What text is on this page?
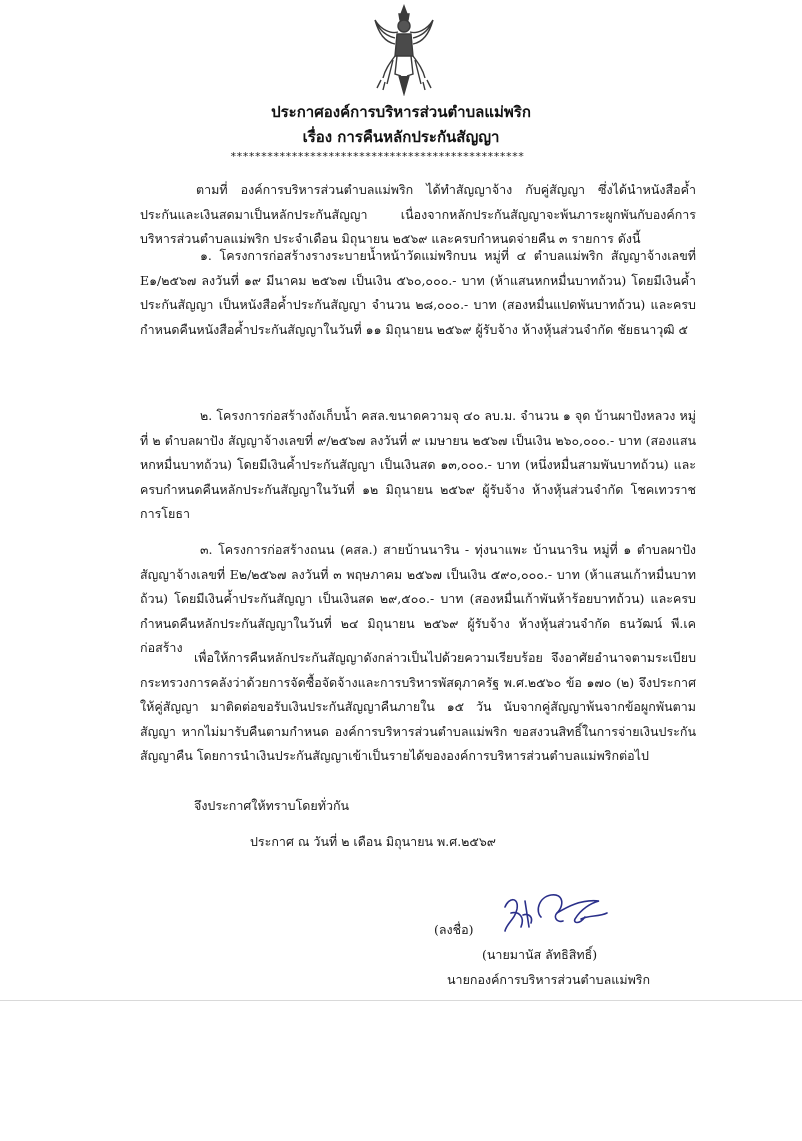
ประกาศองค์การบริหารส่วนตำบลแม่พริก
เรื่อง การคืนหลักประกันสัญญา
************************************************

ตามที่ องค์การบริหารส่วนตำบลแม่พริก ได้ทำสัญญาจ้าง กับคู่สัญญา ซึ่งได้นำหนังสือค้ำประกันและเงินสดมาเป็นหลักประกันสัญญา เนื่องจากหลักประกันสัญญาจะพ้นภาระผูกพันกับองค์การบริหารส่วนตำบลแม่พริก ประจำเดือน มิถุนายน ๒๕๖๙ และครบกำหนดจ่ายคืน ๓ รายการ ดังนี้

๑. โครงการก่อสร้างรางระบายน้ำหน้าวัดแม่พริกบน หมู่ที่ ๔ ตำบลแม่พริก สัญญาจ้างเลขที่ E๑/๒๕๖๗ ลงวันที่ ๑๙ มีนาคม ๒๕๖๗ เป็นเงิน ๕๖๐,๐๐๐.- บาท (ห้าแสนหกหมื่นบาทถ้วน) โดยมีเงินค้ำประกันสัญญา เป็นหนังสือค้ำประกันสัญญา จำนวน ๒๘,๐๐๐.- บาท (สองหมื่นแปดพันบาทถ้วน) และครบกำหนดคืนหนังสือค้ำประกันสัญญาในวันที่ ๑๑ มิถุนายน ๒๕๖๙ ผู้รับจ้าง ห้างหุ้นส่วนจำกัด ชัยธนาวุฒิ ๕

๒. โครงการก่อสร้างถังเก็บน้ำ คสล.ขนาดความจุ ๔๐ ลบ.ม. จำนวน ๑ จุด บ้านผาปังหลวง หมู่ที่ ๒ ตำบลผาปัง สัญญาจ้างเลขที่ ๙/๒๕๖๗ ลงวันที่ ๙ เมษายน ๒๕๖๗ เป็นเงิน ๒๖๐,๐๐๐.- บาท (สองแสนหกหมื่นบาทถ้วน) โดยมีเงินค้ำประกันสัญญา เป็นเงินสด ๑๓,๐๐๐.- บาท (หนึ่งหมื่นสามพันบาทถ้วน) และครบกำหนดคืนหลักประกันสัญญาในวันที่ ๑๒ มิถุนายน ๒๕๖๙ ผู้รับจ้าง ห้างหุ้นส่วนจำกัด โชคเทวราช การโยธา

๓. โครงการก่อสร้างถนน (คสล.) สายบ้านนาริน - ทุ่งนาแพะ บ้านนาริน หมู่ที่ ๑ ตำบลผาปัง สัญญาจ้างเลขที่ E๒/๒๕๖๗ ลงวันที่ ๓ พฤษภาคม ๒๕๖๗ เป็นเงิน ๕๙๐,๐๐๐.- บาท (ห้าแสนเก้าหมื่นบาทถ้วน) โดยมีเงินค้ำประกันสัญญา เป็นเงินสด ๒๙,๕๐๐.- บาท (สองหมื่นเก้าพันห้าร้อยบาทถ้วน) และครบกำหนดคืนหลักประกันสัญญาในวันที่ ๒๔ มิถุนายน ๒๕๖๙ ผู้รับจ้าง ห้างหุ้นส่วนจำกัด ธนวัฒน์ พี.เค ก่อสร้าง

เพื่อให้การคืนหลักประกันสัญญาดังกล่าวเป็นไปด้วยความเรียบร้อย จึงอาศัยอำนาจตามระเบียบกระทรวงการคลังว่าด้วยการจัดซื้อจัดจ้างและการบริหารพัสดุภาครัฐ พ.ศ.๒๕๖๐ ข้อ ๑๗๐ (๒) จึงประกาศให้คู่สัญญา มาติดต่อขอรับเงินประกันสัญญาคืนภายใน ๑๕ วัน นับจากคู่สัญญาพ้นจากข้อผูกพันตามสัญญา หากไม่มารับคืนตามกำหนด องค์การบริหารส่วนตำบลแม่พริก ขอสงวนสิทธิ์ในการจ่ายเงินประกันสัญญาคืน โดยการนำเงินประกันสัญญาเข้าเป็นรายได้ขององค์การบริหารส่วนตำบลแม่พริกต่อไป

จึงประกาศให้ทราบโดยทั่วกัน
ประกาศ ณ วันที่ ๒ เดือน มิถุนายน พ.ศ.๒๕๖๙
(ลงชื่อ)
(นายมานัส ลัทธิสิทธิ์)
นายกองค์การบริหารส่วนตำบลแม่พริก
